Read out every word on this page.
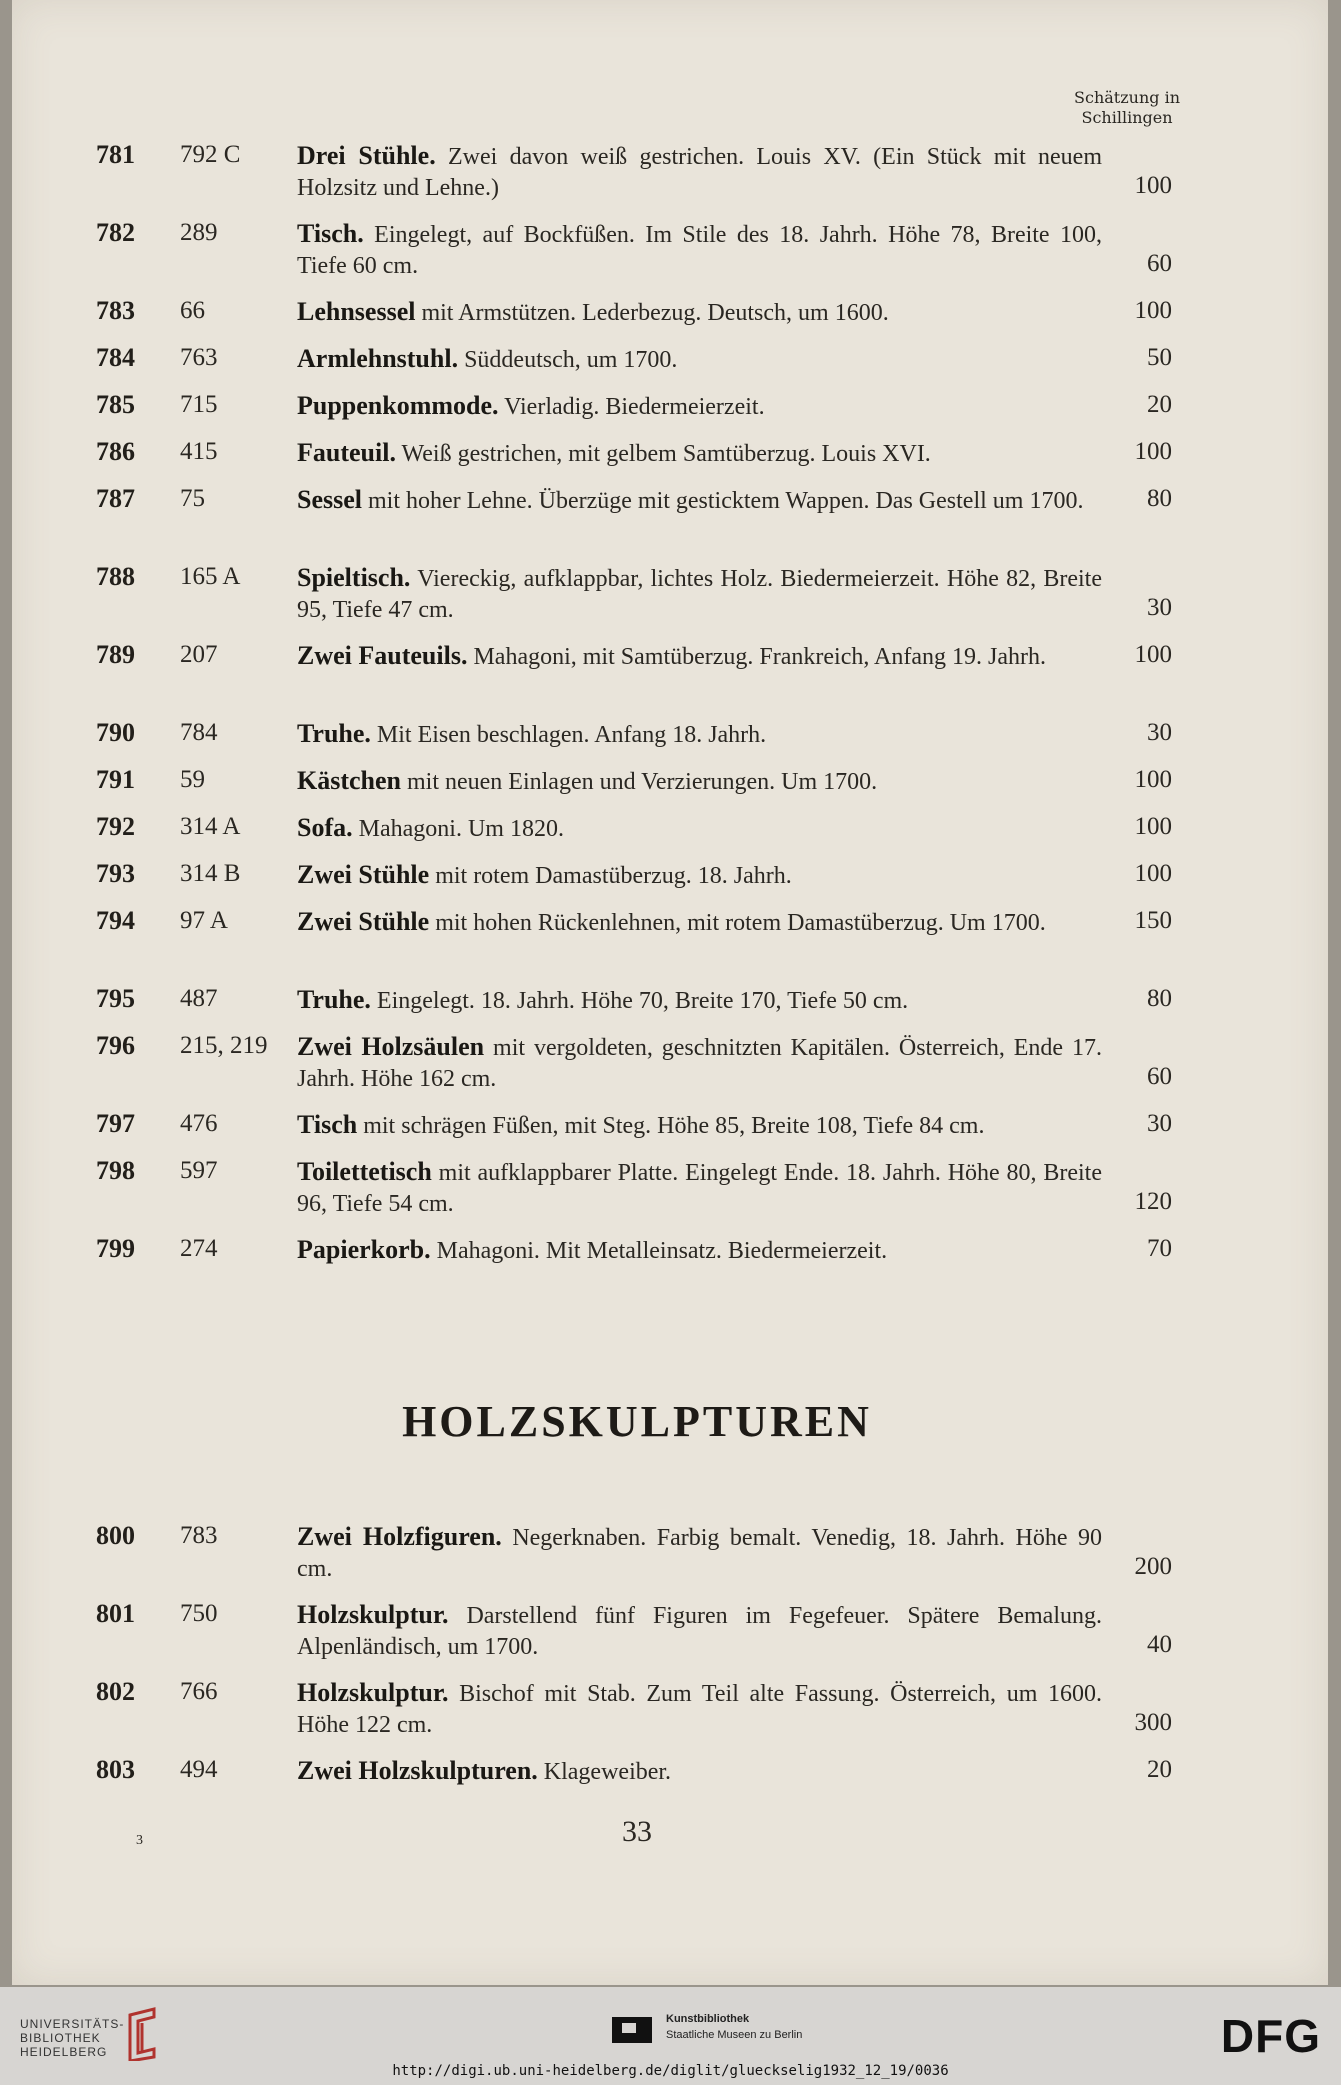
Schätzung in
Schillingen
781	792 C	Drei Stühle. Zwei davon weiß gestrichen. Louis XV. (Ein Stück mit neuem Holzsitz und Lehne.)	100
782	289	Tisch. Eingelegt, auf Bockfüßen. Im Stile des 18. Jahrh. Höhe 78, Breite 100, Tiefe 60 cm.	60
783	66	Lehnsessel mit Armstützen. Lederbezug. Deutsch, um 1600.	100
784	763	Armlehnstuhl. Süddeutsch, um 1700.	50
785	715	Puppenkommode. Vierladig. Biedermeierzeit.	20
786	415	Fauteuil. Weiß gestrichen, mit gelbem Samtüberzug. Louis XVI.	100
787	75	Sessel mit hoher Lehne. Überzüge mit gesticktem Wappen. Das Gestell um 1700.	80
788	165 A	Spieltisch. Viereckig, aufklappbar, lichtes Holz. Biedermeierzeit. Höhe 82, Breite 95, Tiefe 47 cm.	30
789	207	Zwei Fauteuils. Mahagoni, mit Samtüberzug. Frankreich, Anfang 19. Jahrh.	100
790	784	Truhe. Mit Eisen beschlagen. Anfang 18. Jahrh.	30
791	59	Kästchen mit neuen Einlagen und Verzierungen. Um 1700.	100
792	314 A	Sofa. Mahagoni. Um 1820.	100
793	314 B	Zwei Stühle mit rotem Damastüberzug. 18. Jahrh.	100
794	97 A	Zwei Stühle mit hohen Rückenlehnen, mit rotem Damastüberzug. Um 1700.	150
795	487	Truhe. Eingelegt. 18. Jahrh. Höhe 70, Breite 170, Tiefe 50 cm.	80
796	215, 219	Zwei Holzsäulen mit vergoldeten, geschnitzten Kapitälen. Österreich, Ende 17. Jahrh. Höhe 162 cm.	60
797	476	Tisch mit schrägen Füßen, mit Steg. Höhe 85, Breite 108, Tiefe 84 cm.	30
798	597	Toilettetisch mit aufklappbarer Platte. Eingelegt Ende. 18. Jahrh. Höhe 80, Breite 96, Tiefe 54 cm.	120
799	274	Papierkorb. Mahagoni. Mit Metalleinsatz. Biedermeierzeit.	70
800	783	Zwei Holzfiguren. Negerknaben. Farbig bemalt. Venedig, 18. Jahrh. Höhe 90 cm.	200
801	750	Holzskulptur. Darstellend fünf Figuren im Fegefeuer. Spätere Bemalung. Alpenländisch, um 1700.	40
802	766	Holzskulptur. Bischof mit Stab. Zum Teil alte Fassung. Österreich, um 1600. Höhe 122 cm.	300
803	494	Zwei Holzskulpturen. Klageweiber.	20
HOLZSKULPTUREN
3	33
UNIVERSITÄTS-
BIBLIOTHEK
HEIDELBERG
Kunstbibliothek
Staatliche Museen zu Berlin	DFG
http://digi.ub.uni-heidelberg.de/diglit/glueckselig1932_12_19/0036
